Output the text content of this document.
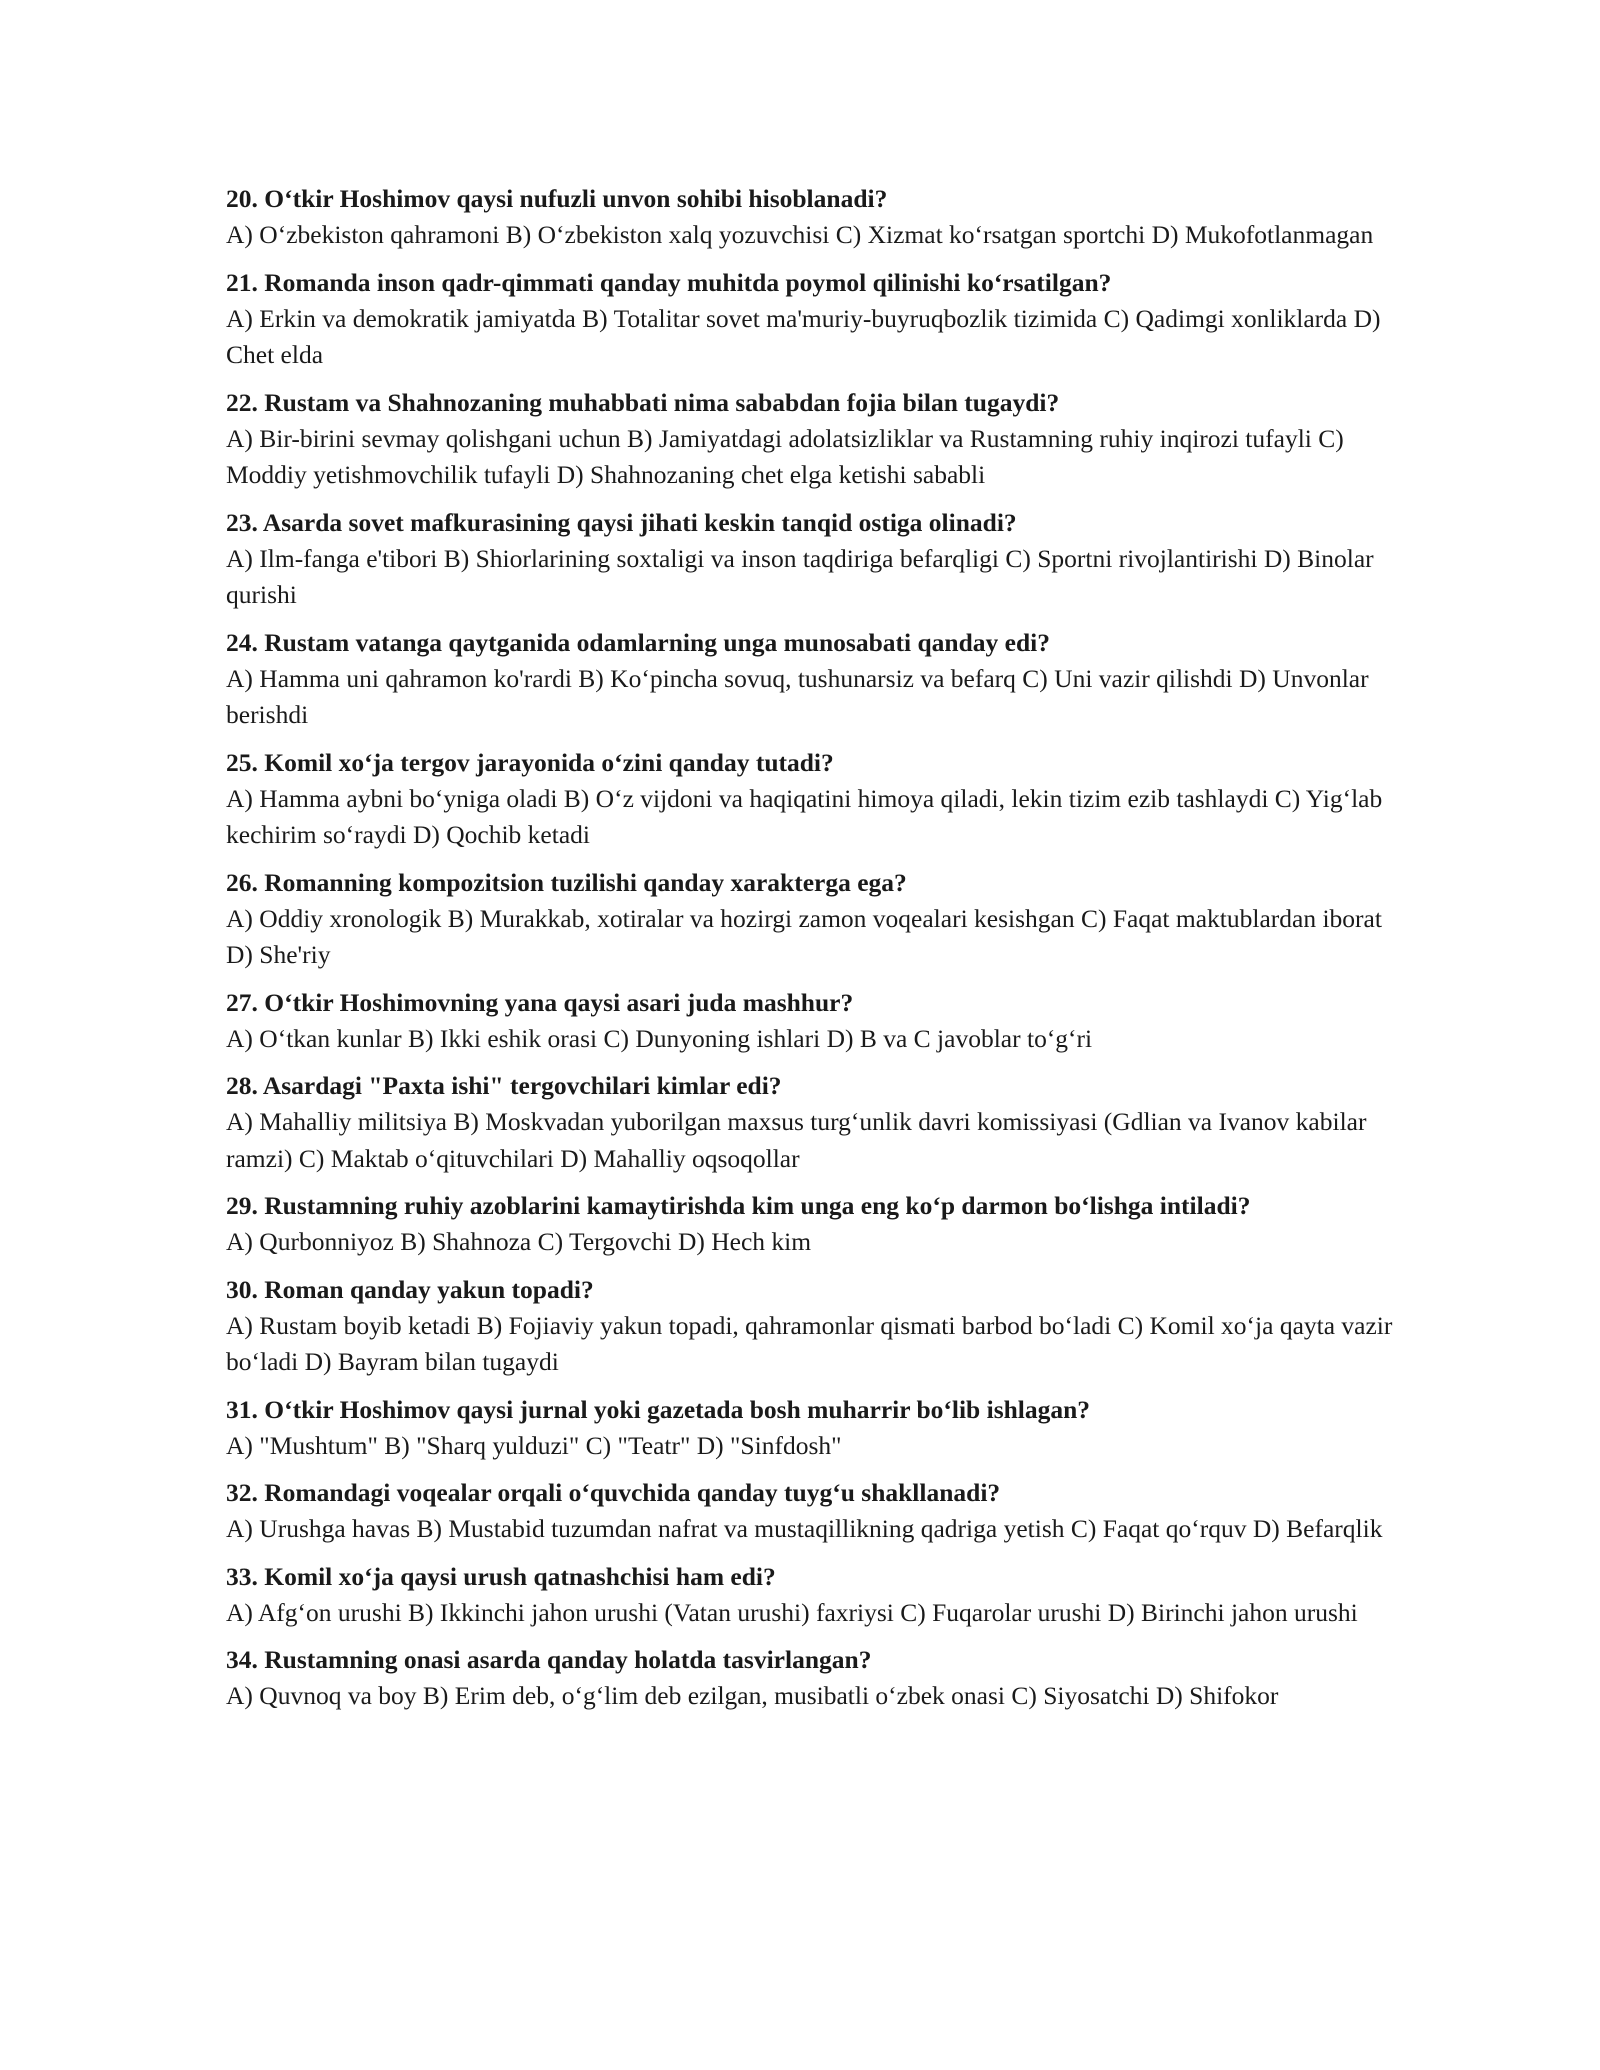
20. O‘tkir Hoshimov qaysi nufuzli unvon sohibi hisoblanadi?

A) O‘zbekiston qahramoni B) O‘zbekiston xalq yozuvchisi C) Xizmat ko‘rsatgan sportchi D) Mukofotlanmagan

21. Romanda inson qadr-qimmati qanday muhitda poymol qilinishi ko‘rsatilgan?

A) Erkin va demokratik jamiyatda B) Totalitar sovet ma'muriy-buyruqbozlik tizimida C) Qadimgi xonliklarda D) Chet elda

22. Rustam va Shahnozaning muhabbati nima sababdan fojia bilan tugaydi?

A) Bir-birini sevmay qolishgani uchun B) Jamiyatdagi adolatsizliklar va Rustamning ruhiy inqirozi tufayli C) Moddiy yetishmovchilik tufayli D) Shahnozaning chet elga ketishi sababli

23. Asarda sovet mafkurasining qaysi jihati keskin tanqid ostiga olinadi?

A) Ilm-fanga e'tibori B) Shiorlarining soxtaligi va inson taqdiriga befarqligi C) Sportni rivojlantirishi D) Binolar qurishi

24. Rustam vatanga qaytganida odamlarning unga munosabati qanday edi?

A) Hamma uni qahramon ko'rardi B) Ko‘pincha sovuq, tushunarsiz va befarq C) Uni vazir qilishdi D) Unvonlar berishdi

25. Komil xo‘ja tergov jarayonida o‘zini qanday tutadi?

A) Hamma aybni bo‘yniga oladi B) O‘z vijdoni va haqiqatini himoya qiladi, lekin tizim ezib tashlaydi C) Yig‘lab kechirim so‘raydi D) Qochib ketadi

26. Romanning kompozitsion tuzilishi qanday xarakterga ega?

A) Oddiy xronologik B) Murakkab, xotiralar va hozirgi zamon voqealari kesishgan C) Faqat maktublardan iborat D) She'riy

27. O‘tkir Hoshimovning yana qaysi asari juda mashhur?

A) O‘tkan kunlar B) Ikki eshik orasi C) Dunyoning ishlari D) B va C javoblar to‘g‘ri

28. Asardagi "Paxta ishi" tergovchilari kimlar edi?

A) Mahalliy militsiya B) Moskvadan yuborilgan maxsus turg‘unlik davri komissiyasi (Gdlian va Ivanov kabilar ramzi) C) Maktab o‘qituvchilari D) Mahalliy oqsoqollar

29. Rustamning ruhiy azoblarini kamaytirishda kim unga eng ko‘p darmon bo‘lishga intiladi?

A) Qurbonniyoz B) Shahnoza C) Tergovchi D) Hech kim

30. Roman qanday yakun topadi?

A) Rustam boyib ketadi B) Fojiaviy yakun topadi, qahramonlar qismati barbod bo‘ladi C) Komil xo‘ja qayta vazir bo‘ladi D) Bayram bilan tugaydi

31. O‘tkir Hoshimov qaysi jurnal yoki gazetada bosh muharrir bo‘lib ishlagan?

A) "Mushtum" B) "Sharq yulduzi" C) "Teatr" D) "Sinfdosh"

32. Romandagi voqealar orqali o‘quvchida qanday tuyg‘u shakllanadi?

A) Urushga havas B) Mustabid tuzumdan nafrat va mustaqillikning qadriga yetish C) Faqat qo‘rquv D) Befarqlik

33. Komil xo‘ja qaysi urush qatnashchisi ham edi?

A) Afg‘on urushi B) Ikkinchi jahon urushi (Vatan urushi) faxriysi C) Fuqarolar urushi D) Birinchi jahon urushi

34. Rustamning onasi asarda qanday holatda tasvirlangan?

A) Quvnoq va boy B) Erim deb, o‘g‘lim deb ezilgan, musibatli o‘zbek onasi C) Siyosatchi D) Shifokor
